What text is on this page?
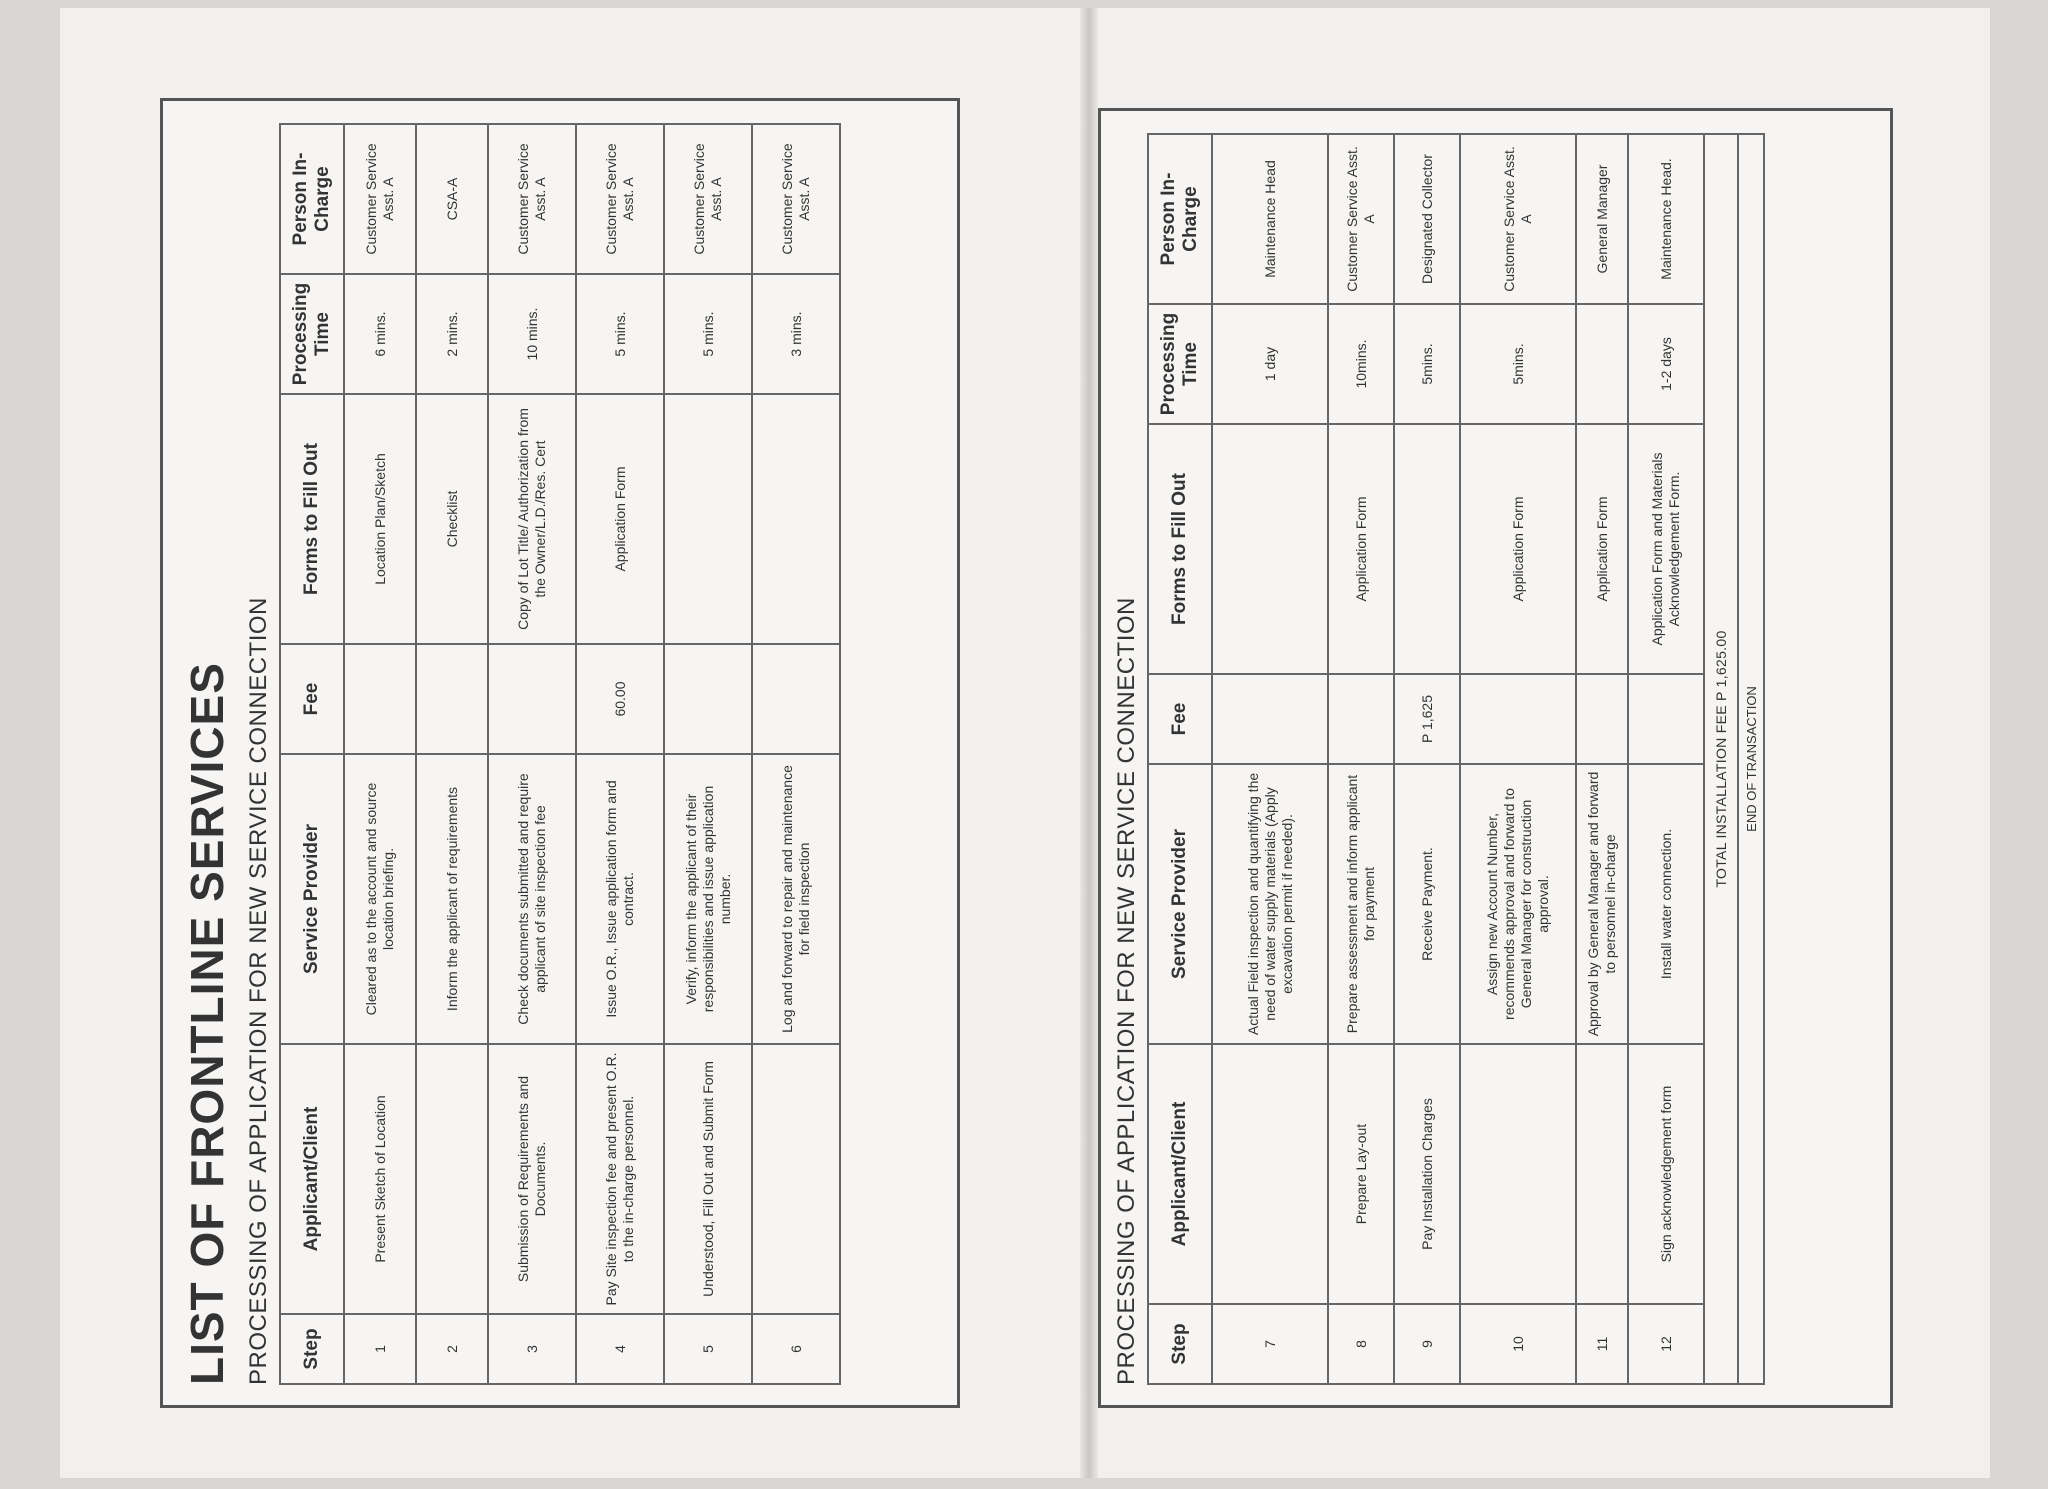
LIST OF FRONTLINE SERVICES PROCESSING OF APPLICATION FOR NEW SERVICE CONNECTION Step	Applicant/Client	Service Provider	Fee	Forms to Fill Out	Processing Time	Person In-Charge
1	Present Sketch of Location	Cleared as to the account and source location briefing.		Location Plan/Sketch	6 mins.	Customer Service Asst. A
2		Inform the applicant of requirements		Checklist	2 mins.	CSA-A
3	Submission of Requirements and Documents.	Check documents submitted and require applicant of site inspection fee		Copy of Lot Title/ Authorization from the Owner/L.D./Res. Cert	10 mins.	Customer Service Asst. A
4	Pay Site inspection fee and present O.R. to the in-charge personnel.	Issue O.R., Issue application form and contract.	60.00	Application Form	5 mins.	Customer Service Asst. A
5	Understood, Fill Out and Submit Form	Verify, inform the applicant of their responsibilities and issue application number.			5 mins.	Customer Service Asst. A
6		Log and forward to repair and maintenance for field inspection			3 mins.	Customer Service Asst. A
PROCESSING OF APPLICATION FOR NEW SERVICE CONNECTION Step	Applicant/Client	Service Provider	Fee	Forms to Fill Out	Processing Time	Person In-Charge
7		Actual Field inspection and quantifying the need of water supply materials (Apply excavation permit if needed).			1 day	Maintenance Head
8	Prepare Lay-out	Prepare assessment and inform applicant for payment		Application Form	10mins.	Customer Service Asst. A
9	Pay Installation Charges	Receive Payment.	P 1,625		5mins.	Designated Collector
10		Assign new Account Number, recommends approval and forward to General Manager for construction approval.		Application Form	5mins.	Customer Service Asst. A
11		Approval by General Manager and forward to personnel in-charge		Application Form		General Manager
12	Sign acknowledgement form	Install water connection.		Application Form and Materials Acknowledgement Form.	1-2 days	Maintenance Head.
TOTAL INSTALLATION FEE P 1,625.00						
END OF TRANSACTION						
